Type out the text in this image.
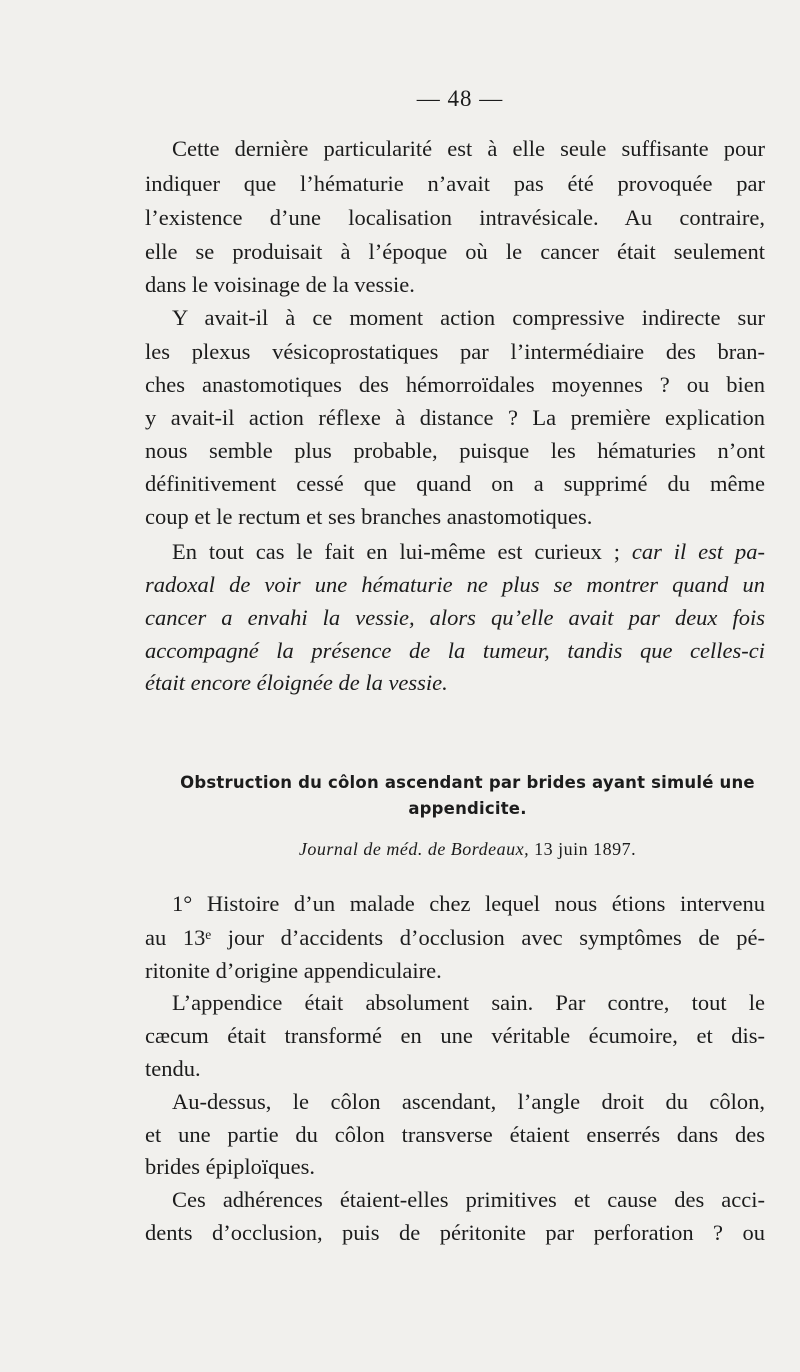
— 48 —
Cette dernière particularité est à elle seule suffisante pour
indiquer que l’hématurie n’avait pas été provoquée par
l’existence d’une localisation intravésicale. Au contraire,
elle se produisait à l’époque où le cancer était seulement
dans le voisinage de la vessie.
Y avait-il à ce moment action compressive indirecte sur
les plexus vésicoprostatiques par l’intermédiaire des bran-
ches anastomotiques des hémorroïdales moyennes ? ou bien
y avait-il action réflexe à distance ? La première explication
nous semble plus probable, puisque les hématuries n’ont
définitivement cessé que quand on a supprimé du même
coup et le rectum et ses branches anastomotiques.
En tout cas le fait en lui-même est curieux ; car il est pa-
radoxal de voir une hématurie ne plus se montrer quand un
cancer a envahi la vessie, alors qu’elle avait par deux fois
accompagné la présence de la tumeur, tandis que celles-ci
était encore éloignée de la vessie.
Obstruction du côlon ascendant par brides ayant simulé une
appendicite.
Journal de méd. de Bordeaux, 13 juin 1897.
1° Histoire d’un malade chez lequel nous étions intervenu
au 13ᵉ jour d’accidents d’occlusion avec symptômes de pé-
ritonite d’origine appendiculaire.
L’appendice était absolument sain. Par contre, tout le
cæcum était transformé en une véritable écumoire, et dis-
tendu.
Au-dessus, le côlon ascendant, l’angle droit du côlon,
et une partie du côlon transverse étaient enserrés dans des
brides épiploïques.
Ces adhérences étaient-elles primitives et cause des acci-
dents d’occlusion, puis de péritonite par perforation ? ou
